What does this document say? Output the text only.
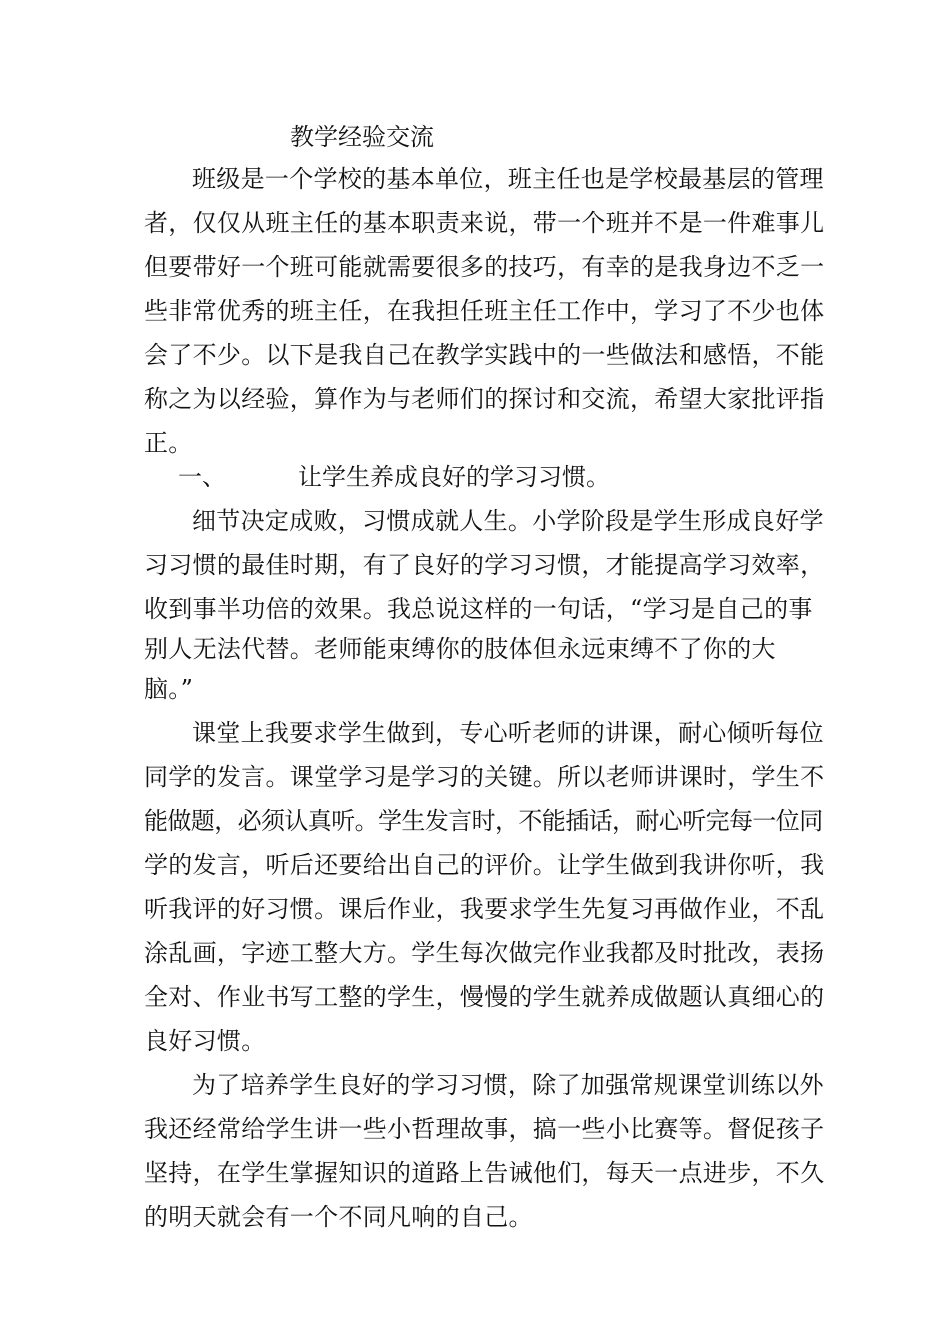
教学经验交流
班级是一个学校的基本单位，班主任也是学校最基层的管理
者，仅仅从班主任的基本职责来说，带一个班并不是一件难事儿
但要带好一个班可能就需要很多的技巧，有幸的是我身边不乏一
些非常优秀的班主任，在我担任班主任工作中，学习了不少也体
会了不少。以下是我自己在教学实践中的一些做法和感悟，不能
称之为以经验，算作为与老师们的探讨和交流，希望大家批评指
正。
一、	让学生养成良好的学习习惯。
细节决定成败，习惯成就人生。小学阶段是学生形成良好学
习习惯的最佳时期，有了良好的学习习惯，才能提高学习效率，
收到事半功倍的效果。我总说这样的一句话，“学习是自己的事
别人无法代替。老师能束缚你的肢体但永远束缚不了你的大
脑。”
课堂上我要求学生做到，专心听老师的讲课，耐心倾听每位
同学的发言。课堂学习是学习的关键。所以老师讲课时，学生不
能做题，必须认真听。学生发言时，不能插话，耐心听完每一位同
学的发言，听后还要给出自己的评价。让学生做到我讲你听，我
听我评的好习惯。课后作业，我要求学生先复习再做作业，不乱
涂乱画，字迹工整大方。学生每次做完作业我都及时批改，表扬
全对、作业书写工整的学生，慢慢的学生就养成做题认真细心的
良好习惯。
为了培养学生良好的学习习惯，除了加强常规课堂训练以外
我还经常给学生讲一些小哲理故事，搞一些小比赛等。督促孩子
坚持，在学生掌握知识的道路上告诫他们，每天一点进步，不久
的明天就会有一个不同凡响的自己。
